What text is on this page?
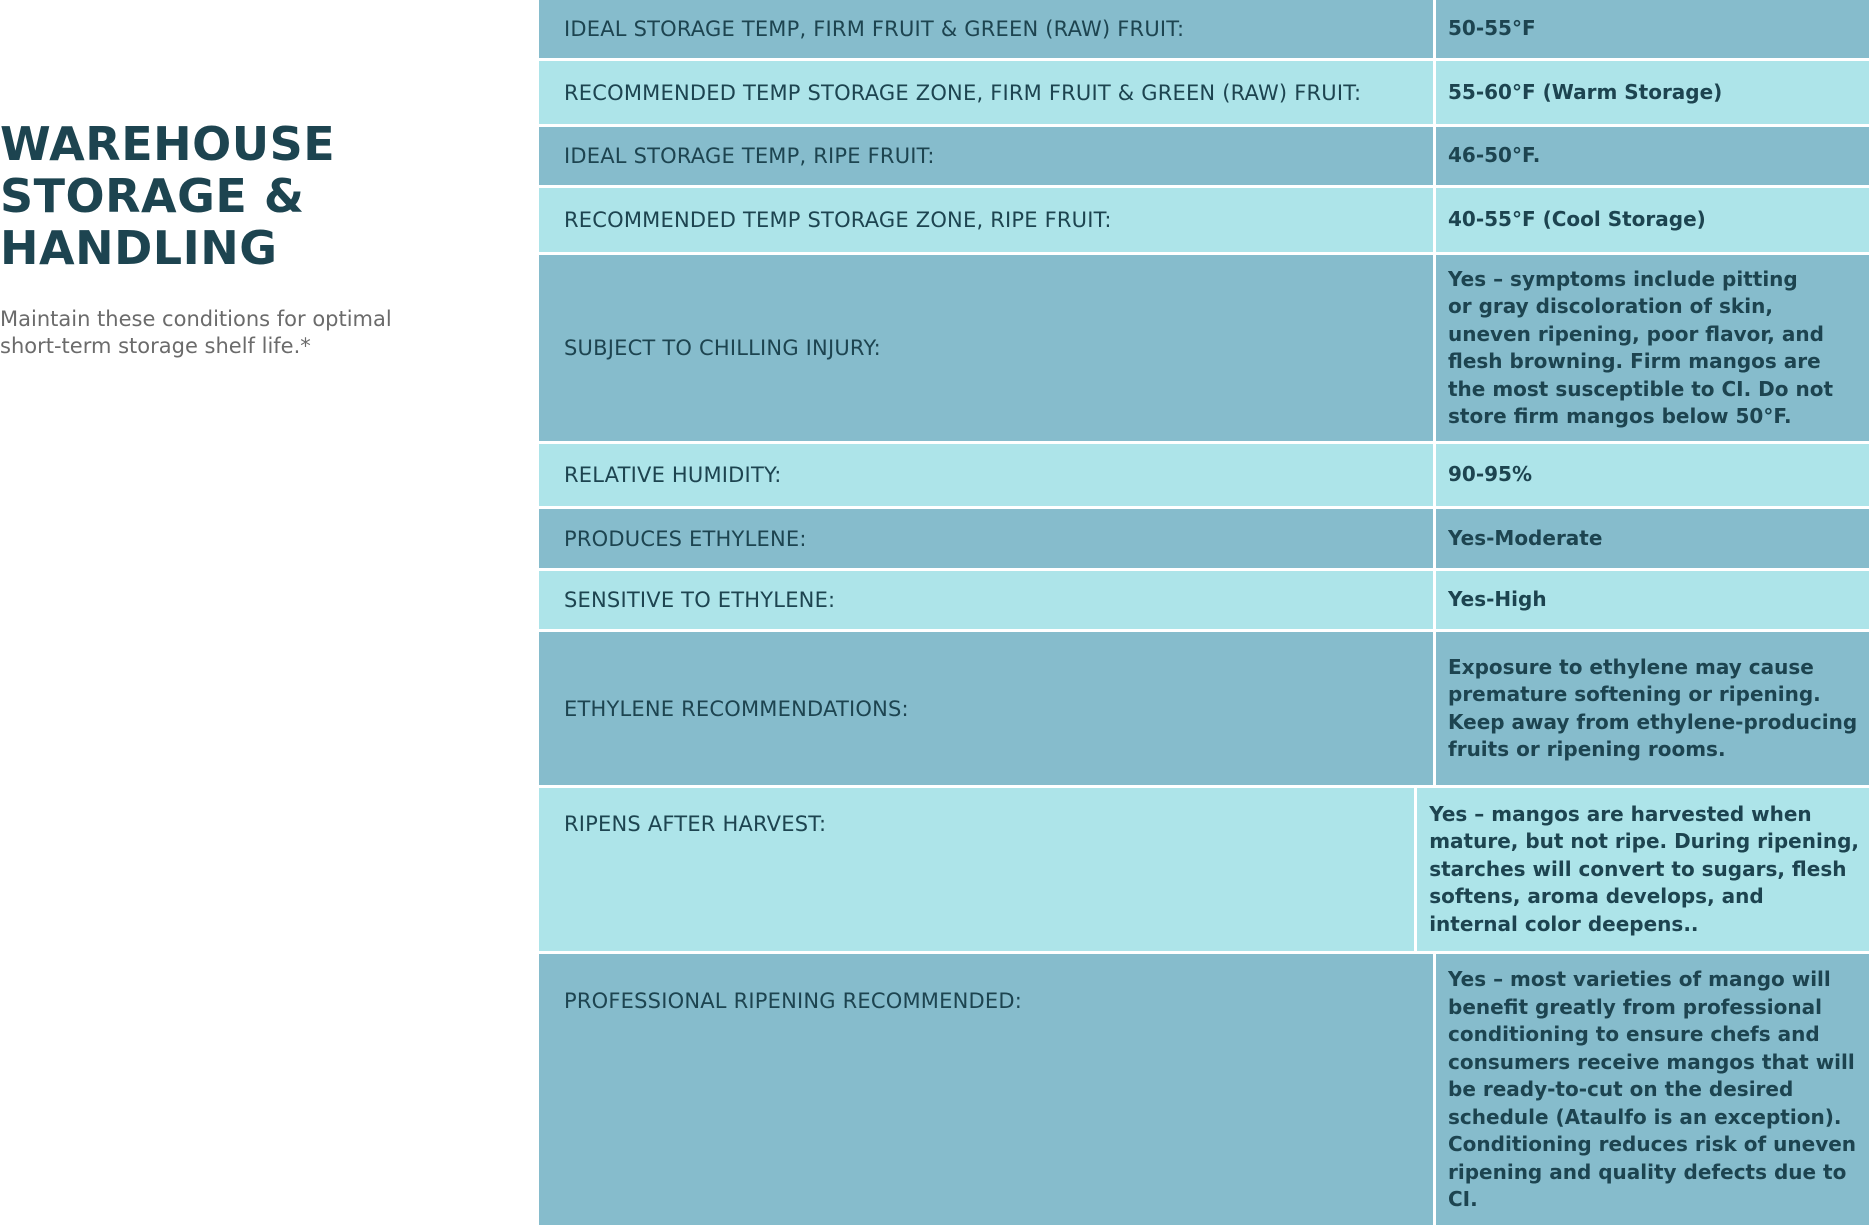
WAREHOUSE
STORAGE &
HANDLING

Maintain these conditions for optimal
short-term storage shelf life.*

IDEAL STORAGE TEMP, FIRM FRUIT & GREEN (RAW) FRUIT:	50-55°F
RECOMMENDED TEMP STORAGE ZONE, FIRM FRUIT & GREEN (RAW) FRUIT:	55-60°F (Warm Storage)
IDEAL STORAGE TEMP, RIPE FRUIT:	46-50°F.
RECOMMENDED TEMP STORAGE ZONE, RIPE FRUIT:	40-55°F (Cool Storage)
SUBJECT TO CHILLING INJURY:
Yes – symptoms include pitting
or gray discoloration of skin,
uneven ripening, poor flavor, and
flesh browning. Firm mangos are
the most susceptible to CI. Do not
store firm mangos below 50°F.
RELATIVE HUMIDITY:	90-95%
PRODUCES ETHYLENE:	Yes-Moderate
SENSITIVE TO ETHYLENE:	Yes-High
ETHYLENE RECOMMENDATIONS:
Exposure to ethylene may cause
premature softening or ripening.
Keep away from ethylene-producing
fruits or ripening rooms.
RIPENS AFTER HARVEST:	Yes – mangos are harvested when
mature, but not ripe. During ripening,
starches will convert to sugars, flesh
softens, aroma develops, and
internal color deepens..
PROFESSIONAL RIPENING RECOMMENDED:
Yes – most varieties of mango will
benefit greatly from professional
conditioning to ensure chefs and
consumers receive mangos that will
be ready-to-cut on the desired
schedule (Ataulfo is an exception).
Conditioning reduces risk of uneven
ripening and quality defects due to
CI.
